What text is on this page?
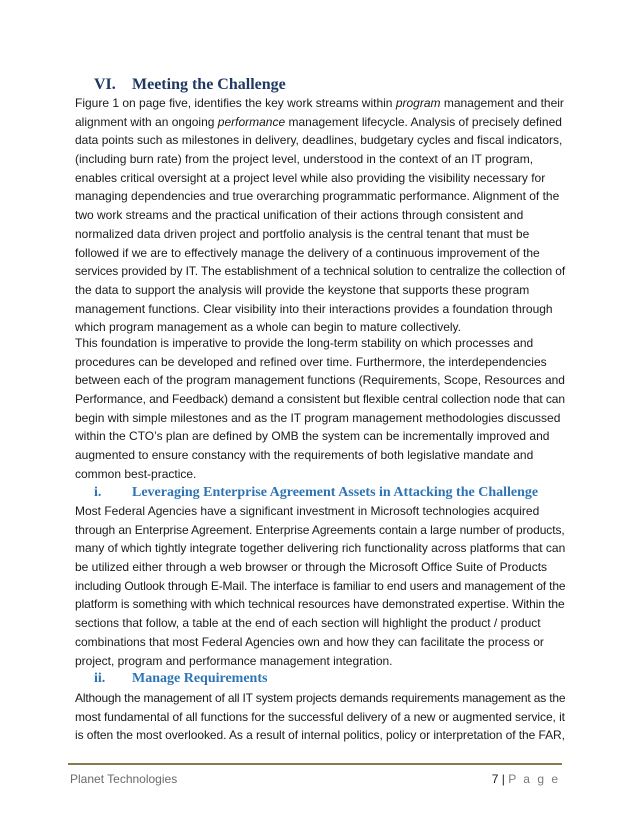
VI. Meeting the Challenge
Figure 1 on page five, identifies the key work streams within program management and their
alignment with an ongoing performance management lifecycle. Analysis of precisely defined
data points such as milestones in delivery, deadlines, budgetary cycles and fiscal indicators,
(including burn rate) from the project level, understood in the context of an IT program,
enables critical oversight at a project level while also providing the visibility necessary for
managing dependencies and true overarching programmatic performance. Alignment of the
two work streams and the practical unification of their actions through consistent and
normalized data driven project and portfolio analysis is the central tenant that must be
followed if we are to effectively manage the delivery of a continuous improvement of the
services provided by IT. The establishment of a technical solution to centralize the collection of
the data to support the analysis will provide the keystone that supports these program
management functions. Clear visibility into their interactions provides a foundation through
which program management as a whole can begin to mature collectively.
This foundation is imperative to provide the long-term stability on which processes and
procedures can be developed and refined over time. Furthermore, the interdependencies
between each of the program management functions (Requirements, Scope, Resources and
Performance, and Feedback) demand a consistent but flexible central collection node that can
begin with simple milestones and as the IT program management methodologies discussed
within the CTO’s plan are defined by OMB the system can be incrementally improved and
augmented to ensure constancy with the requirements of both legislative mandate and
common best-practice.
i. Leveraging Enterprise Agreement Assets in Attacking the Challenge
Most Federal Agencies have a significant investment in Microsoft technologies acquired
through an Enterprise Agreement. Enterprise Agreements contain a large number of products,
many of which tightly integrate together delivering rich functionality across platforms that can
be utilized either through a web browser or through the Microsoft Office Suite of Products
including Outlook through E-Mail. The interface is familiar to end users and management of the
platform is something with which technical resources have demonstrated expertise. Within the
sections that follow, a table at the end of each section will highlight the product / product
combinations that most Federal Agencies own and how they can facilitate the process or
project, program and performance management integration.
ii. Manage Requirements
Although the management of all IT system projects demands requirements management as the
most fundamental of all functions for the successful delivery of a new or augmented service, it
is often the most overlooked. As a result of internal politics, policy or interpretation of the FAR,
Planet Technologies	7 | P a g e
